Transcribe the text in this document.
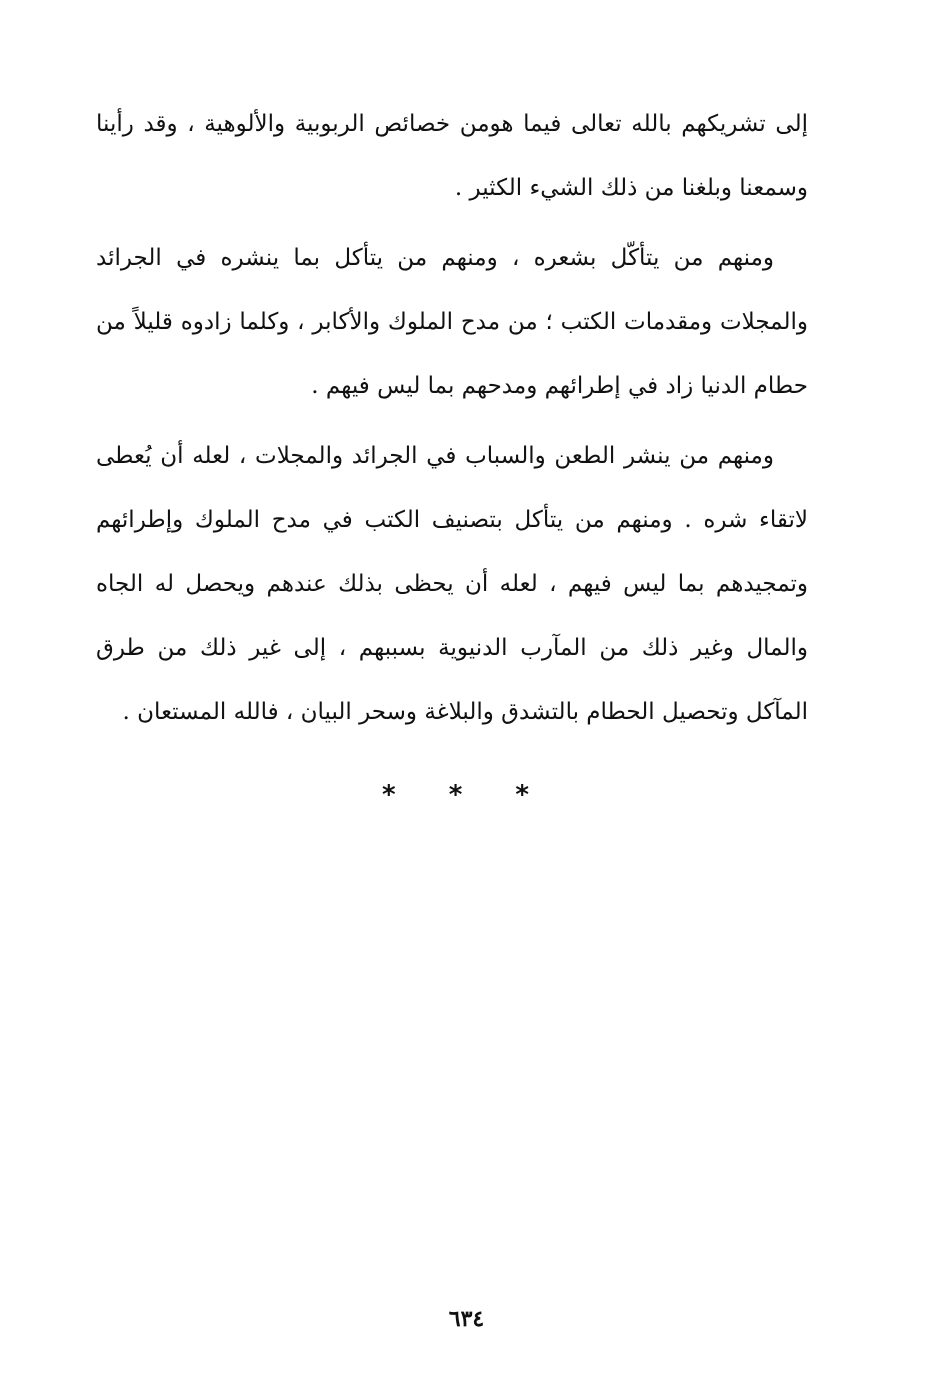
إلى تشريكهم بالله تعالى فيما هومن خصائص الربوبية والألوهية ، وقد رأينا وسمعنا وبلغنا من ذلك الشيء الكثير .

ومنهم من يتأكّل بشعره ، ومنهم من يتأكل بما ينشره في الجرائد والمجلات ومقدمات الكتب ؛ من مدح الملوك والأكابر ، وكلما زادوه قليلاً من حطام الدنيا زاد في إطرائهم ومدحهم بما ليس فيهم .

ومنهم من ينشر الطعن والسباب في الجرائد والمجلات ، لعله أن يُعطى لاتقاء شره . ومنهم من يتأكل بتصنيف الكتب في مدح الملوك وإطرائهم وتمجيدهم بما ليس فيهم ، لعله أن يحظى بذلك عندهم ويحصل له الجاه والمال وغير ذلك من المآرب الدنيوية بسببهم ، إلى غير ذلك من طرق المآكل وتحصيل الحطام بالتشدق والبلاغة وسحر البيان ، فالله المستعان .

* * *
٦٣٤
